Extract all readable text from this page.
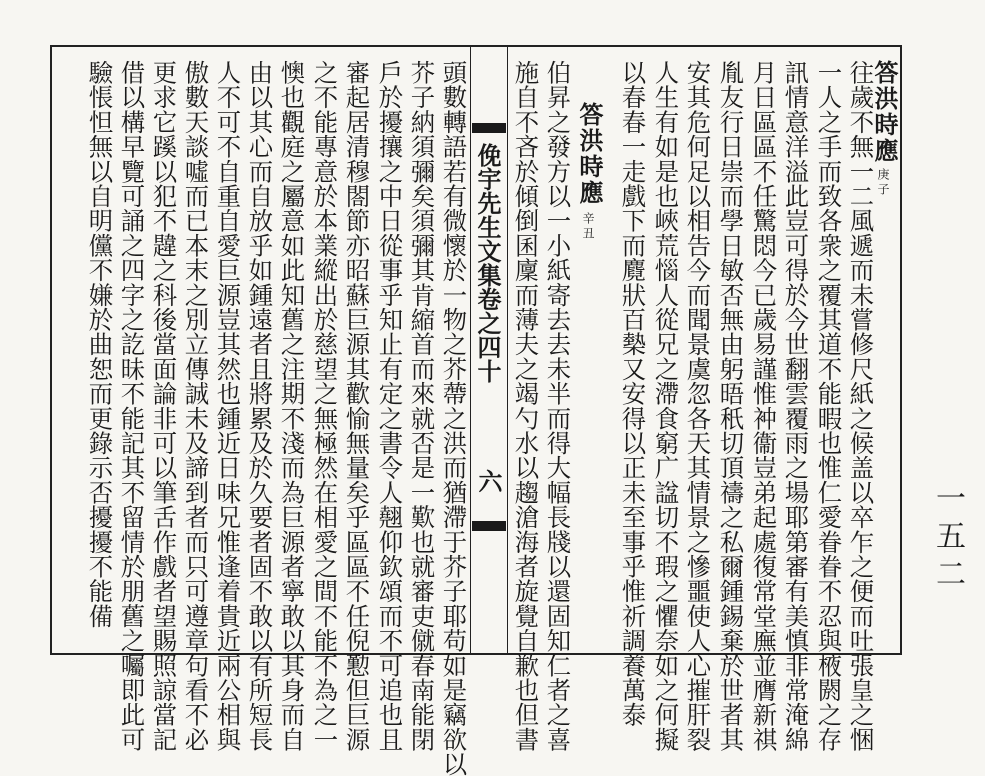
答洪時應
庚子
往歲不無一二風遞而未嘗修尺紙之候盖以卒乍之便而吐張皇之悃
一人之手而致各衆之覆其道不能暇也惟仁愛眷眷不忍與棭閼之存
訊情意洋溢此豈可得於今世翻雲覆雨之場耶第審有美慎非常淹綿
月日區區不任驚悶今已歲易謹惟衶衞豈弟起處復常堂廡並膺新祺
胤友行日崇而學日敏否無由躬晤秖切頂禱之私爾鍾錫棄於世者其
安其危何足以相告今而聞景虞忽各天其情景之慘噩使人心摧肝裂
人生有如是也峽荒惱人從兄之滯食窮广諡切不瑕之懼奈如之何擬
以春春一走戲下而麑狀百槷又安得以正未至事乎惟祈調養萬泰
答洪時應
辛丑
伯昇之發方以一小紙寄去去未半而得大幅長牋以還固知仁者之喜
施自不吝於傾倒囷廩而薄夫之竭勺水以趨滄海者旋覺自歉也但書
俛宇先生文集卷之四十
六
頭數轉語若有微懷於一物之芥蔕之洪而猶滯于芥子耶苟如是竊欲以
芥子納須彌矣須彌其肯縮首而來就否是一歎也就審吏僦春南能閉
戶於擾攘之中日從事乎知止有定之書令人翹仰欽頌而不可追也且
審起居清穆閤節亦昭蘇巨源其歡愉無量矣乎區區不任倪懃但巨源
之不能專意於本業縱出於慈望之無極然在相愛之間不能不為之一
懊也觀庭之屬意如此知舊之注期不淺而為巨源者寧敢以其身而自
由以其心而自放乎如鍾遠者且將累及於久要者固不敢以有所短長
人不可不自重自愛巨源豈其然也鍾近日味兄惟逢着貴近兩公相與
傲數天談噓而已本末之別立傳誠未及諦到者而只可遵章句看不必
更求它蹊以犯不韙之科後當面論非可以筆舌作戲者望賜照諒當記
借以構早覽可誦之四字之訖昧不能記其不留情於朋舊之囑即此可
驗悵怛無以自明儻不嫌於曲恕而更錄示否擾擾不能備	一五二
